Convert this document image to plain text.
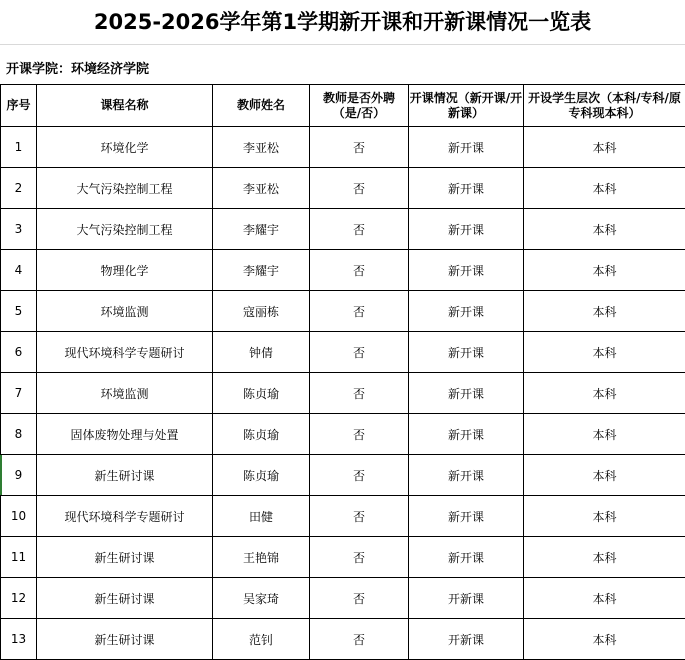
2025-2026学年第1学期新开课和开新课情况一览表
开课学院：环境经济学院
序号	课程名称	教师姓名	教师是否外聘（是/否）	开课情况（新开课/开新课）	开设学生层次（本科/专科/原专科现本科）
1	环境化学	李亚松	否	新开课	本科
2	大气污染控制工程	李亚松	否	新开课	本科
3	大气污染控制工程	李耀宇	否	新开课	本科
4	物理化学	李耀宇	否	新开课	本科
5	环境监测	寇丽栋	否	新开课	本科
6	现代环境科学专题研讨	钟倩	否	新开课	本科
7	环境监测	陈贞瑜	否	新开课	本科
8	固体废物处理与处置	陈贞瑜	否	新开课	本科
9	新生研讨课	陈贞瑜	否	新开课	本科
10	现代环境科学专题研讨	田健	否	新开课	本科
11	新生研讨课	王艳锦	否	新开课	本科
12	新生研讨课	吴家琦	否	开新课	本科
13	新生研讨课	范钊	否	开新课	本科
